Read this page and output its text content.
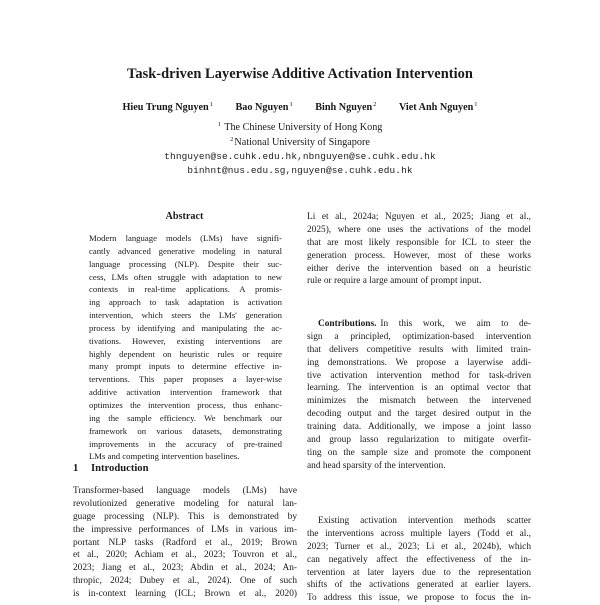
Task-driven Layerwise Additive Activation Intervention
Hieu Trung Nguyen$^1$ Bao Nguyen$^1$ Binh Nguyen$^2$ Viet Anh Nguyen$^1$
$^1$ The Chinese University of Hong Kong
$^2$National University of Singapore
thnguyen@se.cuhk.edu.hk,nbnguyen@se.cuhk.edu.hk
binhnt@nus.edu.sg,nguyen@se.cuhk.edu.hk
Abstract
Modern language models (LMs) have signifi-
cantly advanced generative modeling in natural
language processing (NLP). Despite their suc-
cess, LMs often struggle with adaptation to new
contexts in real-time applications. A promis-
ing approach to task adaptation is activation
intervention, which steers the LMs' generation
process by identifying and manipulating the ac-
tivations. However, existing interventions are
highly dependent on heuristic rules or require
many prompt inputs to determine effective in-
terventions. This paper proposes a layer-wise
additive activation intervention framework that
optimizes the intervention process, thus enhanc-
ing the sample efficiency. We benchmark our
framework on various datasets, demonstrating
improvements in the accuracy of pre-trained
LMs and competing intervention baselines.
1 Introduction
Transformer-based language models (LMs) have
revolutionized generative modeling for natural lan-
guage processing (NLP). This is demonstrated by
the impressive performances of LMs in various im-
portant NLP tasks (Radford et al., 2019; Brown
et al., 2020; Achiam et al., 2023; Touvron et al.,
2023; Jiang et al., 2023; Abdin et al., 2024; An-
thropic, 2024; Dubey et al., 2024). One of such
is in-context learning (ICL; Brown et al., 2020)
Li et al., 2024a; Nguyen et al., 2025; Jiang et al.,
2025), where one uses the activations of the model
that are most likely responsible for ICL to steer the
generation process. However, most of these works
either derive the intervention based on a heuristic
rule or require a large amount of prompt input.
Contributions. In this work, we aim to de-
sign a principled, optimization-based intervention
that delivers competitive results with limited train-
ing demonstrations. We propose a layerwise addi-
tive activation intervention method for task-driven
learning. The intervention is an optimal vector that
minimizes the mismatch between the intervened
decoding output and the target desired output in the
training data. Additionally, we impose a joint lasso
and group lasso regularization to mitigate overfit-
ting on the sample size and promote the component
and head sparsity of the intervention.
Existing activation intervention methods scatter
the interventions across multiple layers (Todd et al.,
2023; Turner et al., 2023; Li et al., 2024b), which
can negatively affect the effectiveness of the in-
tervention at later layers due to the representation
shifts of the activations generated at earlier layers.
To address this issue, we propose to focus the in-
